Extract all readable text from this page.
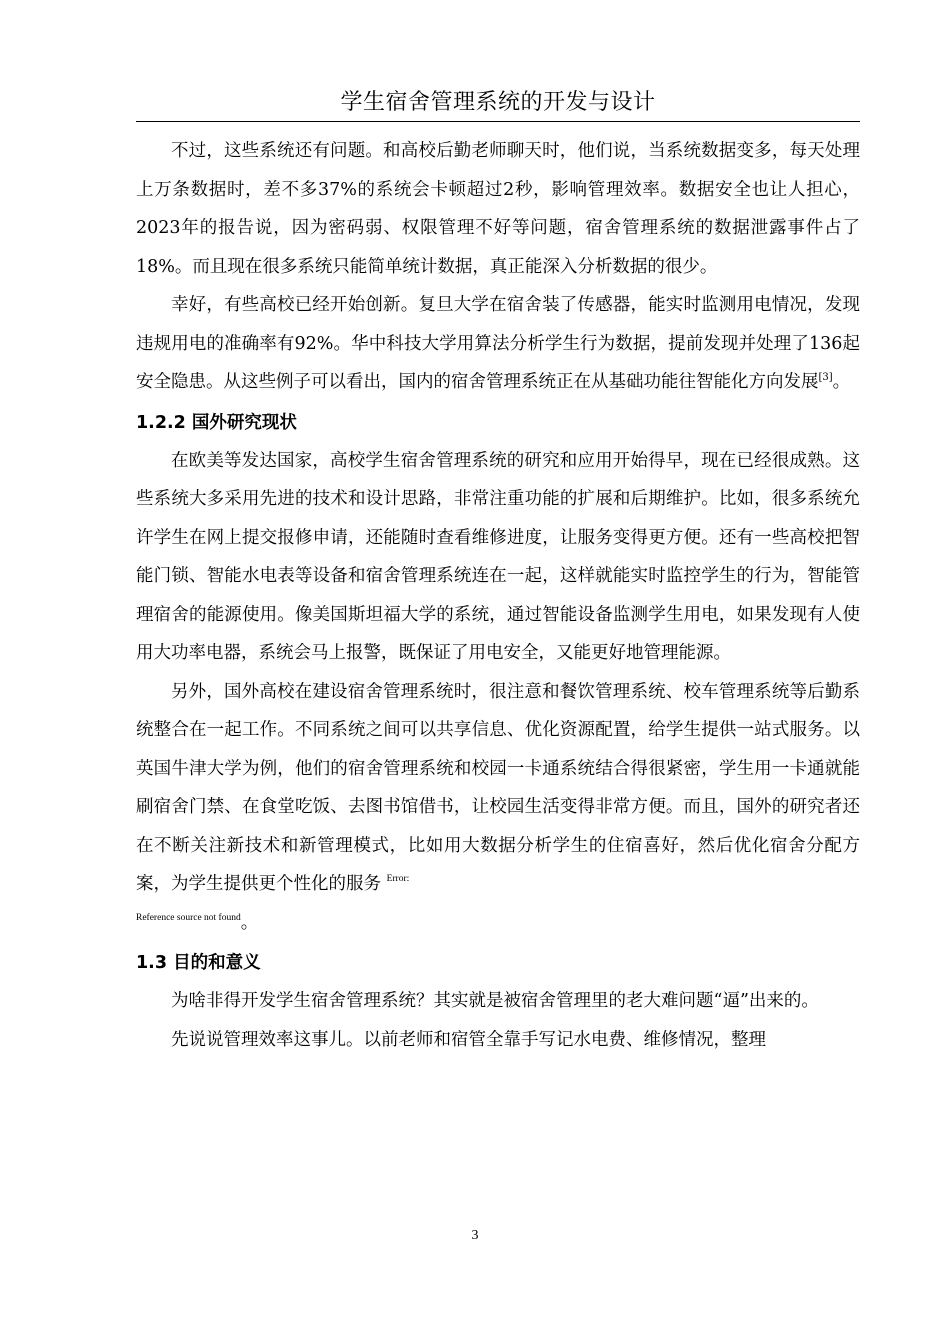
学生宿舍管理系统的开发与设计

不过，这些系统还有问题。和高校后勤老师聊天时，他们说，当系统数据变多，每天处理上万条数据时，差不多37%的系统会卡顿超过2秒，影响管理效率。数据安全也让人担心，2023年的报告说，因为密码弱、权限管理不好等问题，宿舍管理系统的数据泄露事件占了18%。而且现在很多系统只能简单统计数据，真正能深入分析数据的很少。

幸好，有些高校已经开始创新。复旦大学在宿舍装了传感器，能实时监测用电情况，发现违规用电的准确率有92%。华中科技大学用算法分析学生行为数据，提前发现并处理了136起安全隐患。从这些例子可以看出，国内的宿舍管理系统正在从基础功能往智能化方向发展[3]。

1.2.2 国外研究现状

在欧美等发达国家，高校学生宿舍管理系统的研究和应用开始得早，现在已经很成熟。这些系统大多采用先进的技术和设计思路，非常注重功能的扩展和后期维护。比如，很多系统允许学生在网上提交报修申请，还能随时查看维修进度，让服务变得更方便。还有一些高校把智能门锁、智能水电表等设备和宿舍管理系统连在一起，这样就能实时监控学生的行为，智能管理宿舍的能源使用。像美国斯坦福大学的系统，通过智能设备监测学生用电，如果发现有人使用大功率电器，系统会马上报警，既保证了用电安全，又能更好地管理能源。

另外，国外高校在建设宿舍管理系统时，很注意和餐饮管理系统、校车管理系统等后勤系统整合在一起工作。不同系统之间可以共享信息、优化资源配置，给学生提供一站式服务。以英国牛津大学为例，他们的宿舍管理系统和校园一卡通系统结合得很紧密，学生用一卡通就能刷宿舍门禁、在食堂吃饭、去图书馆借书，让校园生活变得非常方便。而且，国外的研究者还在不断关注新技术和新管理模式，比如用大数据分析学生的住宿喜好，然后优化宿舍分配方案，为学生提供更个性化的服务 $^{Error:}$

$^{Reference source not found}$。

1.3 目的和意义

为啥非得开发学生宿舍管理系统？其实就是被宿舍管理里的老大难问题“逼”出来的。

先说说管理效率这事儿。以前老师和宿管全靠手写记水电费、维修情况，整理

3
